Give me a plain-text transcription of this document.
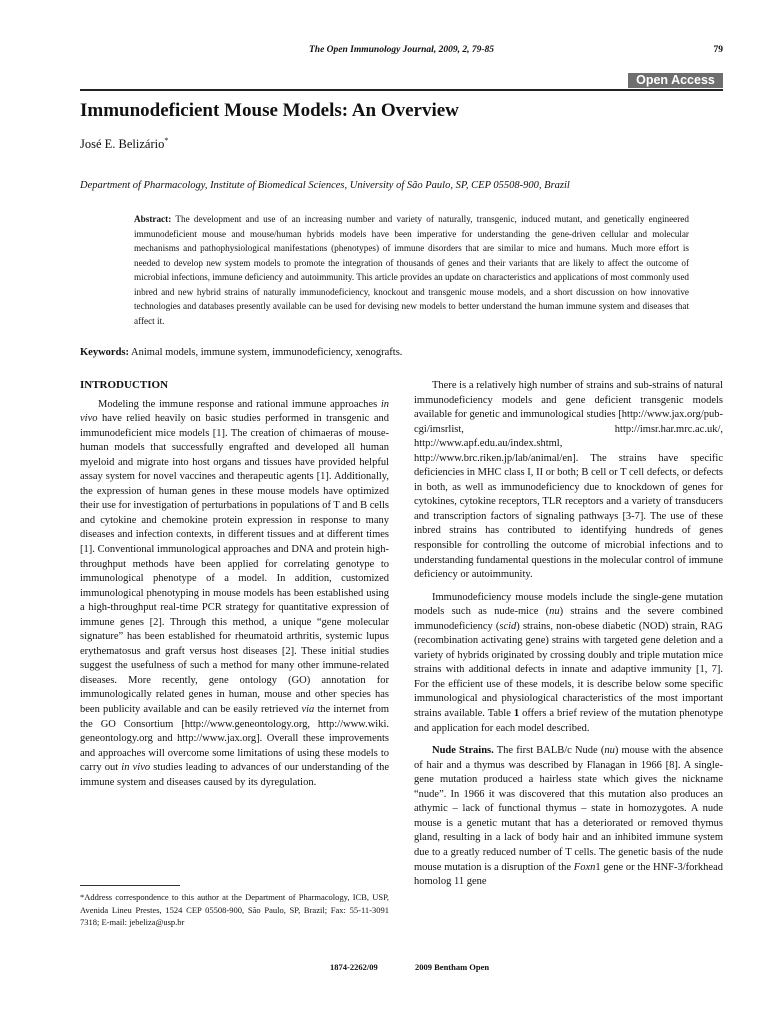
The Open Immunology Journal, 2009, 2, 79-85	79
Open Access
Immunodeficient Mouse Models: An Overview
José E. Belizário*
Department of Pharmacology, Institute of Biomedical Sciences, University of São Paulo, SP, CEP 05508-900, Brazil
Abstract: The development and use of an increasing number and variety of naturally, transgenic, induced mutant, and genetically engineered immunodeficient mouse and mouse/human hybrids models have been imperative for understanding the gene-driven cellular and molecular mechanisms and pathophysiological manifestations (phenotypes) of immune disorders that are similar to mice and humans. Much more effort is needed to develop new system models to promote the integration of thousands of genes and their variants that are likely to affect the outcome of microbial infections, immune deficiency and autoimmunity. This article provides an update on characteristics and applications of most commonly used inbred and new hybrid strains of naturally immunodeficiency, knockout and transgenic mouse models, and a short discussion on how innovative technologies and databases presently available can be used for devising new models to better understand the human immune system and diseases that affect it.
Keywords: Animal models, immune system, immunodeficiency, xenografts.
INTRODUCTION

Modeling the immune response and rational immune approaches in vivo have relied heavily on basic studies performed in transgenic and immunodeficient mice models [1]. The creation of chimaeras of mouse-human models that successfully engrafted and developed all human myeloid and migrate into host organs and tissues have provided helpful assay system for novel vaccines and therapeutic agents [1]. Additionally, the expression of human genes in these mouse models have optimized their use for investigation of perturbations in populations of T and B cells and cytokine and chemokine protein expression in response to many diseases and infection contexts, in different tissues and at different times [1]. Conventional immunological approaches and DNA and protein high-throughput methods have been applied for correlating genotype to immunological phenotype of a model. In addition, customized immunological phenotyping in mouse models has been established using a high-throughput real-time PCR strategy for quantitative expression of immune genes [2]. Through this method, a unique “gene molecular signature” has been established for rheumatoid arthritis, systemic lupus erythematosus and graft versus host diseases [2]. These initial studies suggest the usefulness of such a method for many other immune-related diseases. More recently, gene ontology (GO) annotation for immunologically related genes in human, mouse and other species has been publicity available and can be easily retrieved via the internet from the GO Consortium [http://www.geneontology.org, http://www.wiki. geneontology.org and http://www.jax.org]. Overall these improvements and approaches will overcome some limitations of using these models to carry out in vivo studies leading to advances of our understanding of the immune system and diseases caused by its dyregulation.

There is a relatively high number of strains and sub-strains of natural immunodeficiency models and gene deficient transgenic models available for genetic and immunological studies [http://www.jax.org/pub-cgi/imsrlist, http://imsr.har.mrc.ac.uk/, http://www.apf.edu.au/index.shtml, http://www.brc.riken.jp/lab/animal/en]. The strains have specific deficiencies in MHC class I, II or both; B cell or T cell defects, or defects in both, as well as immunodeficiency due to knockdown of genes for cytokines, cytokine receptors, TLR receptors and a variety of transducers and transcription factors of signaling pathways [3-7]. The use of these inbred strains has contributed to identifying hundreds of genes responsible for controlling the outcome of microbial infections and to understanding fundamental questions in the molecular control of immune deficiency or autoimmunity.

Immunodeficiency mouse models include the single-gene mutation models such as nude-mice (nu) strains and the severe combined immunodeficiency (scid) strains, non-obese diabetic (NOD) strain, RAG (recombination activating gene) strains with targeted gene deletion and a variety of hybrids originated by crossing doubly and triple mutation mice strains with additional defects in innate and adaptive immunity [1, 7]. For the efficient use of these models, it is describe below some specific immunological and physiological characteristics of the most important strains available. Table 1 offers a brief review of the mutation phenotype and application for each model described.

Nude Strains. The first BALB/c Nude (nu) mouse with the absence of hair and a thymus was described by Flanagan in 1966 [8]. A single-gene mutation produced a hairless state which gives the nickname “nude”. In 1966 it was discovered that this mutation also produces an athymic – lack of functional thymus – state in homozygotes. A nude mouse is a genetic mutant that has a deteriorated or removed thymus gland, resulting in a lack of body hair and an inhibited immune system due to a greatly reduced number of T cells. The genetic basis of the nude mouse mutation is a disruption of the Foxn1 gene or the HNF-3/forkhead homolog 11 gene

*Address correspondence to this author at the Department of Pharmacology, ICB, USP, Avenida Lineu Prestes, 1524 CEP 05508-900, São Paulo, SP, Brazil; Fax: 55-11-3091 7318; E-mail: jebeliza@usp.br
1874-2262/09	2009 Bentham Open
